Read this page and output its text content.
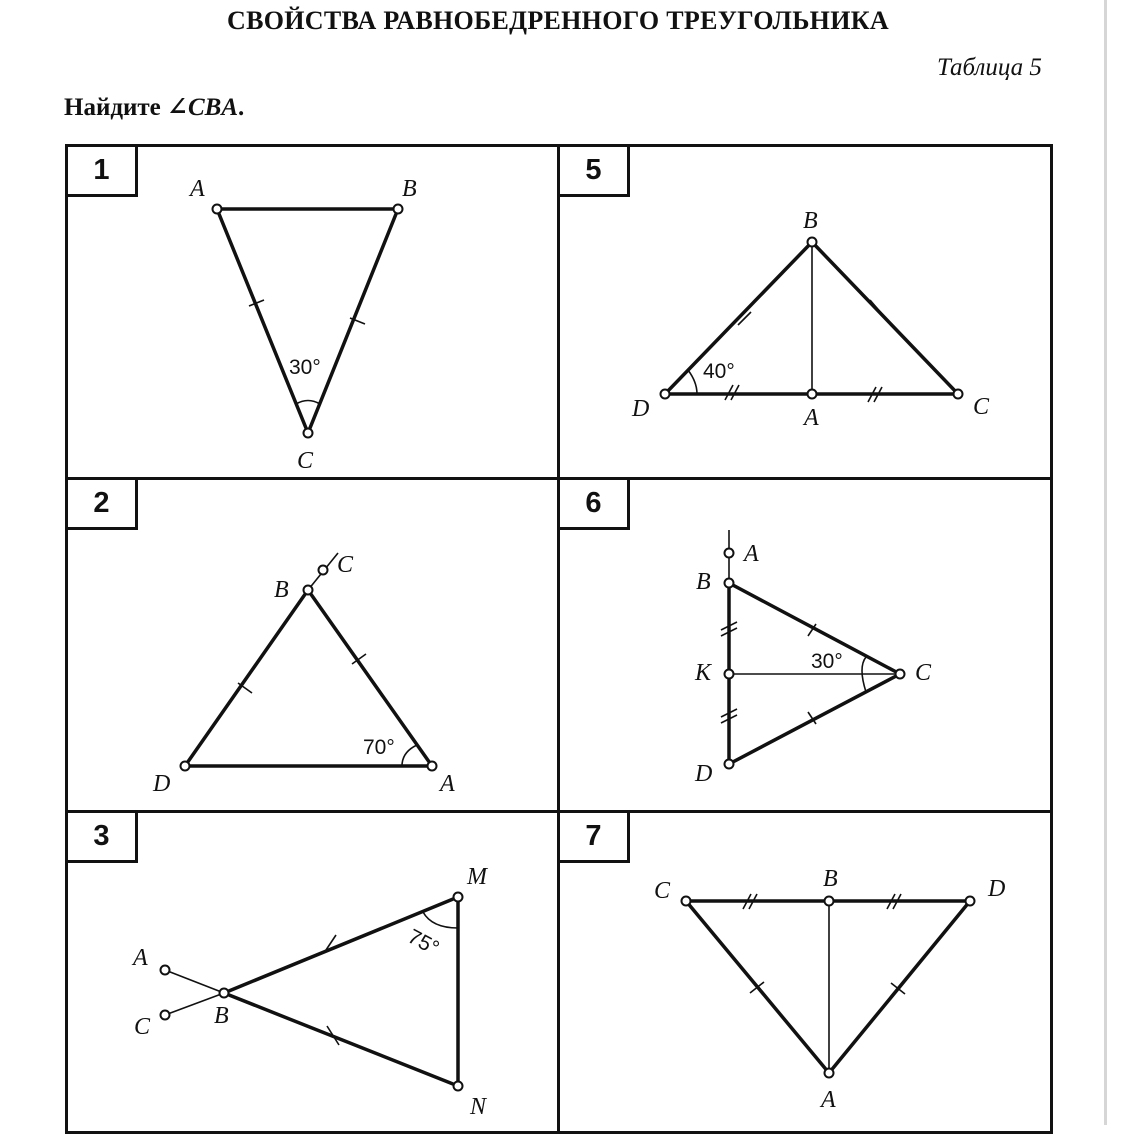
СВОЙСТВА РАВНОБЕДРЕННОГО ТРЕУГОЛЬНИКА
Таблица 5
Найдите ∠CBA.
1
2
3
5
6
7
A	B
C
30°
C
B
D	A
70°
M
A
B
C
N
75°
B
D	A	C
40°
A
B
K	C
D
30°
C	B	D
A
